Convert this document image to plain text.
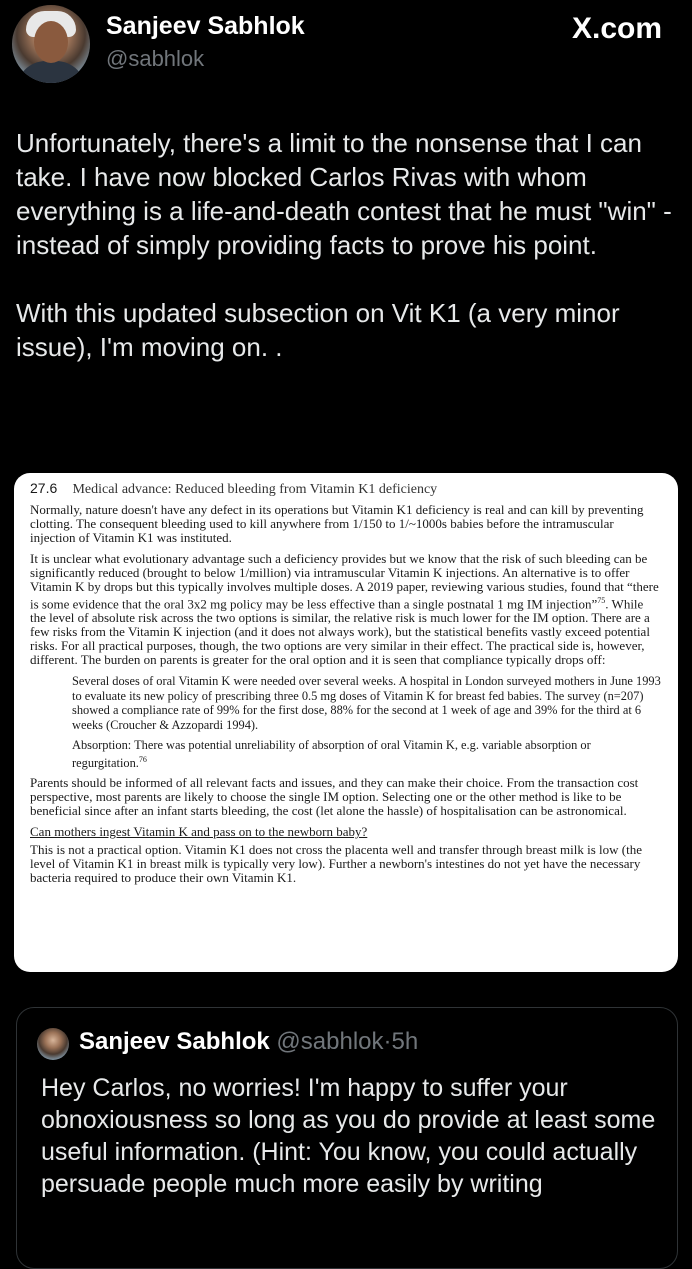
Sanjeev Sabhlok
@sabhlok
X.com

Unfortunately, there's a limit to the nonsense that I can take. I have now blocked Carlos Rivas with whom everything is a life-and-death contest that he must "win" - instead of simply providing facts to prove his point.

With this updated subsection on Vit K1 (a very minor issue), I'm moving on. .

27.6 Medical advance: Reduced bleeding from Vitamin K1 deficiency

Normally, nature doesn't have any defect in its operations but Vitamin K1 deficiency is real and can kill by preventing clotting. The consequent bleeding used to kill anywhere from 1/150 to 1/~1000s babies before the intramuscular injection of Vitamin K1 was instituted.

It is unclear what evolutionary advantage such a deficiency provides but we know that the risk of such bleeding can be significantly reduced (brought to below 1/million) via intramuscular Vitamin K injections. An alternative is to offer Vitamin K by drops but this typically involves multiple doses. A 2019 paper, reviewing various studies, found that “there is some evidence that the oral 3x2 mg policy may be less effective than a single postnatal 1 mg IM injection”$^{75}$. While the level of absolute risk across the two options is similar, the relative risk is much lower for the IM option. There are a few risks from the Vitamin K injection (and it does not always work), but the statistical benefits vastly exceed potential risks. For all practical purposes, though, the two options are very similar in their effect. The practical side is, however, different. The burden on parents is greater for the oral option and it is seen that compliance typically drops off:

Several doses of oral Vitamin K were needed over several weeks. A hospital in London surveyed mothers in June 1993 to evaluate its new policy of prescribing three 0.5 mg doses of Vitamin K for breast fed babies. The survey (n=207) showed a compliance rate of 99% for the first dose, 88% for the second at 1 week of age and 39% for the third at 6 weeks (Croucher & Azzopardi 1994).

Absorption: There was potential unreliability of absorption of oral Vitamin K, e.g. variable absorption or regurgitation.$^{76}$

Parents should be informed of all relevant facts and issues, and they can make their choice. From the transaction cost perspective, most parents are likely to choose the single IM option. Selecting one or the other method is like to be beneficial since after an infant starts bleeding, the cost (let alone the hassle) of hospitalisation can be astronomical.

Can mothers ingest Vitamin K and pass on to the newborn baby?

This is not a practical option. Vitamin K1 does not cross the placenta well and transfer through breast milk is low (the level of Vitamin K1 in breast milk is typically very low). Further a newborn's intestines do not yet have the necessary bacteria required to produce their own Vitamin K1.

Sanjeev Sabhlok @sabhlok·5h
Hey Carlos, no worries! I'm happy to suffer your obnoxiousness so long as you do provide at least some useful information. (Hint: You know, you could actually persuade people much more easily by writing
